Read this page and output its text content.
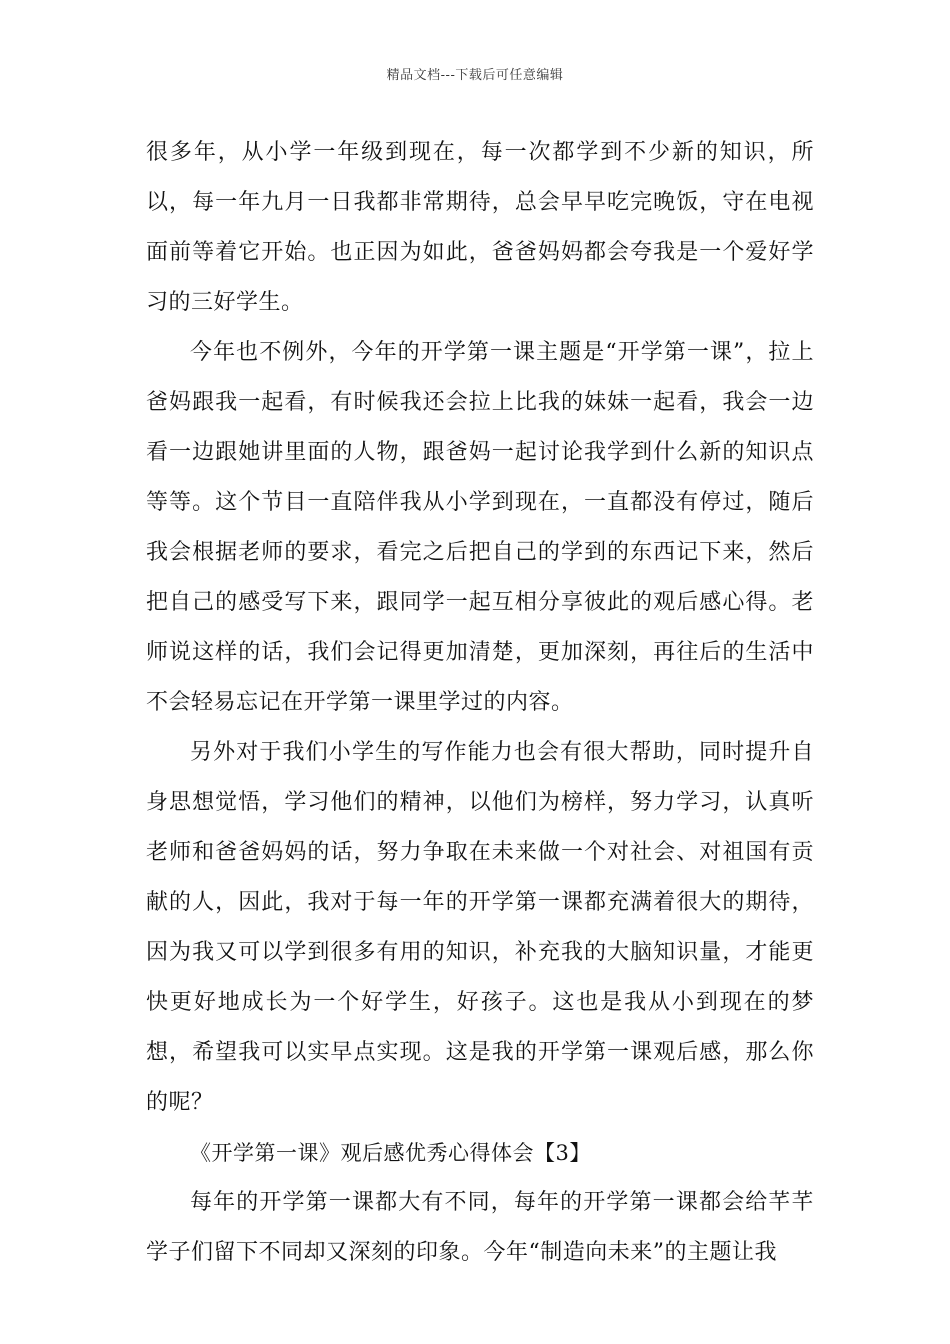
精品文档---下载后可任意编辑

很多年，从小学一年级到现在，每一次都学到不少新的知识，所以，每一年九月一日我都非常期待，总会早早吃完晚饭，守在电视面前等着它开始。也正因为如此，爸爸妈妈都会夸我是一个爱好学习的三好学生。

今年也不例外，今年的开学第一课主题是“开学第一课”，拉上爸妈跟我一起看，有时候我还会拉上比我的妹妹一起看，我会一边看一边跟她讲里面的人物，跟爸妈一起讨论我学到什么新的知识点等等。这个节目一直陪伴我从小学到现在，一直都没有停过，随后我会根据老师的要求，看完之后把自己的学到的东西记下来，然后把自己的感受写下来，跟同学一起互相分享彼此的观后感心得。老师说这样的话，我们会记得更加清楚，更加深刻，再往后的生活中不会轻易忘记在开学第一课里学过的内容。

另外对于我们小学生的写作能力也会有很大帮助，同时提升自身思想觉悟，学习他们的精神，以他们为榜样，努力学习，认真听老师和爸爸妈妈的话，努力争取在未来做一个对社会、对祖国有贡献的人，因此，我对于每一年的开学第一课都充满着很大的期待，因为我又可以学到很多有用的知识，补充我的大脑知识量，才能更快更好地成长为一个好学生，好孩子。这也是我从小到现在的梦想，希望我可以实早点实现。这是我的开学第一课观后感，那么你的呢？

《开学第一课》观后感优秀心得体会【3】

每年的开学第一课都大有不同，每年的开学第一课都会给芊芊学子们留下不同却又深刻的印象。今年“制造向未来”的主题让我
